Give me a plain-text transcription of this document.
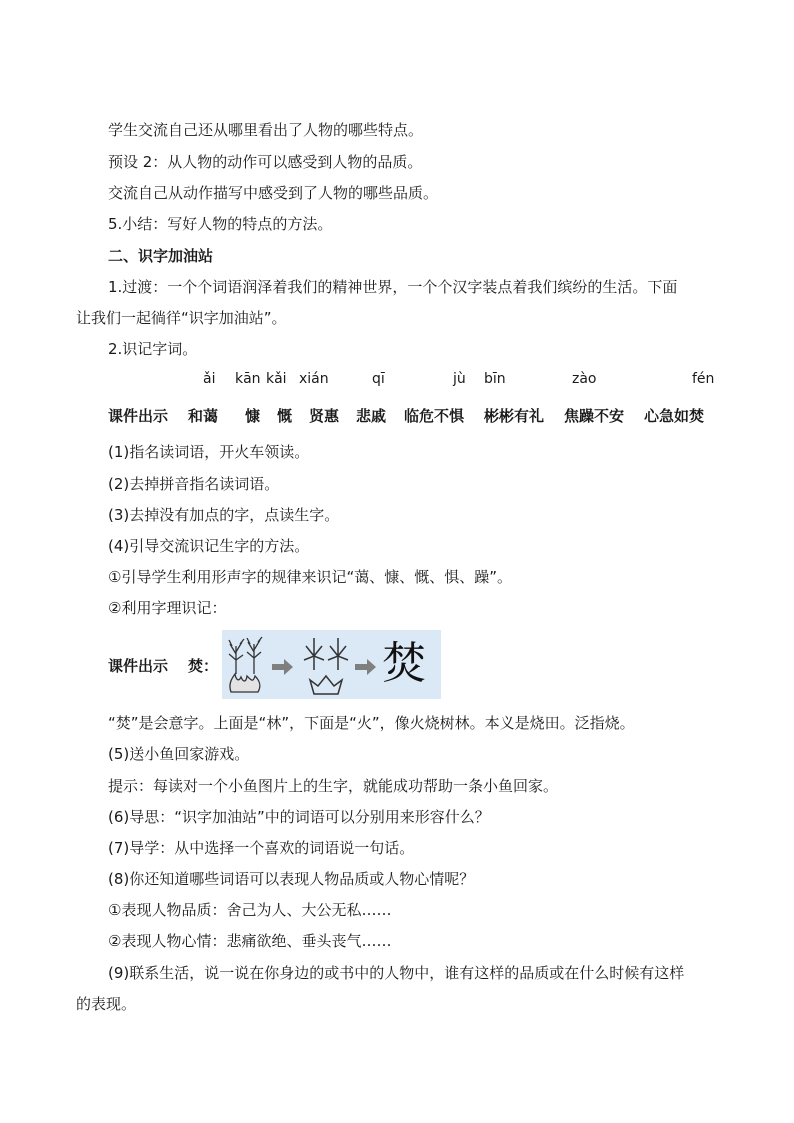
学生交流自己还从哪里看出了人物的哪些特点。
预设 2：从人物的动作可以感受到人物的品质。
交流自己从动作描写中感受到了人物的哪些品质。
5.小结：写好人物的特点的方法。
二、识字加油站
1.过渡：一个个词语润泽着我们的精神世界，一个个汉字装点着我们缤纷的生活。下面
让我们一起徜徉“识字加油站”。
2.识记字词。
ǎi kān kǎi xián	qī	jù bīn	zào	fén
课件出示 和蔼 慷 慨 贤惠 悲戚 临危不惧 彬彬有礼 焦躁不安 心急如焚
(1)指名读词语，开火车领读。
(2)去掉拼音指名读词语。
(3)去掉没有加点的字，点读生字。
(4)引导交流识记生字的方法。
①引导学生利用形声字的规律来识记“蔼、慷、慨、惧、躁”。
②利用字理识记：
课件出示 焚：	焚
“焚”是会意字。上面是“林”，下面是“火”，像火烧树林。本义是烧田。泛指烧。
(5)送小鱼回家游戏。
提示：每读对一个小鱼图片上的生字，就能成功帮助一条小鱼回家。
(6)导思：“识字加油站”中的词语可以分别用来形容什么？
(7)导学：从中选择一个喜欢的词语说一句话。
(8)你还知道哪些词语可以表现人物品质或人物心情呢？
①表现人物品质：舍己为人、大公无私……
②表现人物心情：悲痛欲绝、垂头丧气……
(9)联系生活，说一说在你身边的或书中的人物中，谁有这样的品质或在什么时候有这样
的表现。
